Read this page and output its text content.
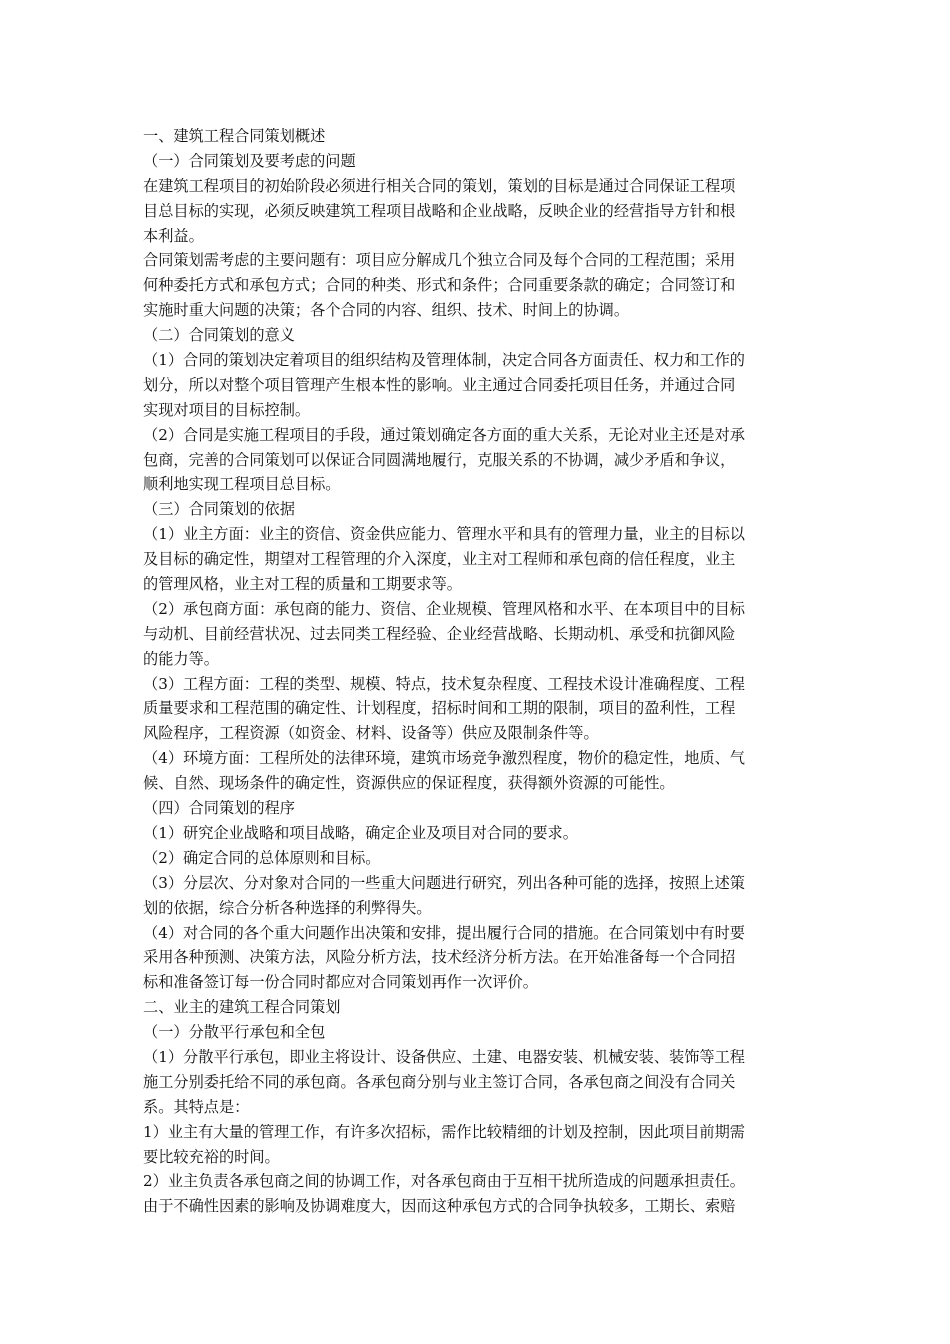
一、建筑工程合同策划概述
（一）合同策划及要考虑的问题
在建筑工程项目的初始阶段必须进行相关合同的策划，策划的目标是通过合同保证工程项
目总目标的实现，必须反映建筑工程项目战略和企业战略，反映企业的经营指导方针和根
本利益。
合同策划需考虑的主要问题有：项目应分解成几个独立合同及每个合同的工程范围；采用
何种委托方式和承包方式；合同的种类、形式和条件；合同重要条款的确定；合同签订和
实施时重大问题的决策；各个合同的内容、组织、技术、时间上的协调。
（二）合同策划的意义
（1）合同的策划决定着项目的组织结构及管理体制，决定合同各方面责任、权力和工作的
划分，所以对整个项目管理产生根本性的影响。业主通过合同委托项目任务，并通过合同
实现对项目的目标控制。
（2）合同是实施工程项目的手段，通过策划确定各方面的重大关系，无论对业主还是对承
包商，完善的合同策划可以保证合同圆满地履行，克服关系的不协调，减少矛盾和争议，
顺利地实现工程项目总目标。
（三）合同策划的依据
（1）业主方面：业主的资信、资金供应能力、管理水平和具有的管理力量，业主的目标以
及目标的确定性，期望对工程管理的介入深度，业主对工程师和承包商的信任程度，业主
的管理风格，业主对工程的质量和工期要求等。
（2）承包商方面：承包商的能力、资信、企业规模、管理风格和水平、在本项目中的目标
与动机、目前经营状况、过去同类工程经验、企业经营战略、长期动机、承受和抗御风险
的能力等。
（3）工程方面：工程的类型、规模、特点，技术复杂程度、工程技术设计准确程度、工程
质量要求和工程范围的确定性、计划程度，招标时间和工期的限制，项目的盈利性，工程
风险程序，工程资源（如资金、材料、设备等）供应及限制条件等。
（4）环境方面：工程所处的法律环境，建筑市场竞争激烈程度，物价的稳定性，地质、气
候、自然、现场条件的确定性，资源供应的保证程度，获得额外资源的可能性。
（四）合同策划的程序
（1）研究企业战略和项目战略，确定企业及项目对合同的要求。
（2）确定合同的总体原则和目标。
（3）分层次、分对象对合同的一些重大问题进行研究，列出各种可能的选择，按照上述策
划的依据，综合分析各种选择的利弊得失。
（4）对合同的各个重大问题作出决策和安排，提出履行合同的措施。在合同策划中有时要
采用各种预测、决策方法，风险分析方法，技术经济分析方法。在开始准备每一个合同招
标和准备签订每一份合同时都应对合同策划再作一次评价。
二、业主的建筑工程合同策划
（一）分散平行承包和全包
（1）分散平行承包，即业主将设计、设备供应、土建、电器安装、机械安装、装饰等工程
施工分别委托给不同的承包商。各承包商分别与业主签订合同，各承包商之间没有合同关
系。其特点是：
1）业主有大量的管理工作，有许多次招标，需作比较精细的计划及控制，因此项目前期需
要比较充裕的时间。
2）业主负责各承包商之间的协调工作，对各承包商由于互相干扰所造成的问题承担责任。
由于不确性因素的影响及协调难度大，因而这种承包方式的合同争执较多，工期长、索赔
